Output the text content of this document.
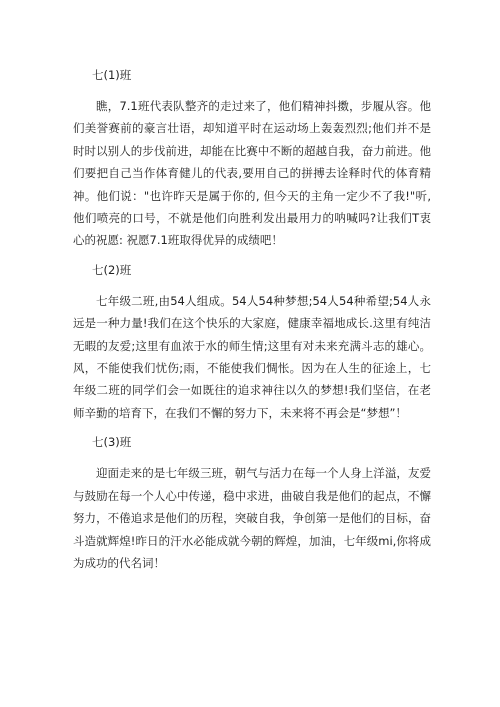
七(1)班

瞧，7.1班代表队整齐的走过来了，他们精神抖擞，步履从容。他们美誉赛前的豪言壮语，却知道平时在运动场上轰轰烈烈;他们并不是时时以别人的步伐前进，却能在比赛中不断的超越自我，奋力前进。他们要把自己当作体育健儿的代表,要用自己的拼搏去诠释时代的体育精神。他们说："也许昨天是属于你的, 但今天的主角一定少不了我!"听, 他们喷亮的口号，不就是他们向胜利发出最用力的呐喊吗?让我们T衷心的祝愿: 祝愿7.1班取得优异的成绩吧！

七(2)班

七年级二班,由54人组成。54人54种梦想;54人54种希望;54人永远是一种力量!我们在这个快乐的大家庭，健康幸福地成长.这里有纯洁无暇的友爱;这里有血浓于水的师生情;这里有对未来充满斗志的雄心。风，不能使我们忧伤;雨，不能使我们惆怅。因为在人生的征途上，七年级二班的同学们会一如既往的追求神往以久的梦想!我们坚信，在老师辛勤的培育下，在我们不懈的努力下，未来将不再会是“梦想”！

七(3)班

迎面走来的是七年级三班，朝气与活力在每一个人身上洋溢，友爱与鼓励在每一个人心中传递，稳中求进，曲破自我是他们的起点，不懈努力，不倦追求是他们的历程，突破自我，争创第一是他们的目标，奋斗造就辉煌!昨日的汗水必能成就今朝的辉煌，加油，七年级mi,你将成为成功的代名词！
